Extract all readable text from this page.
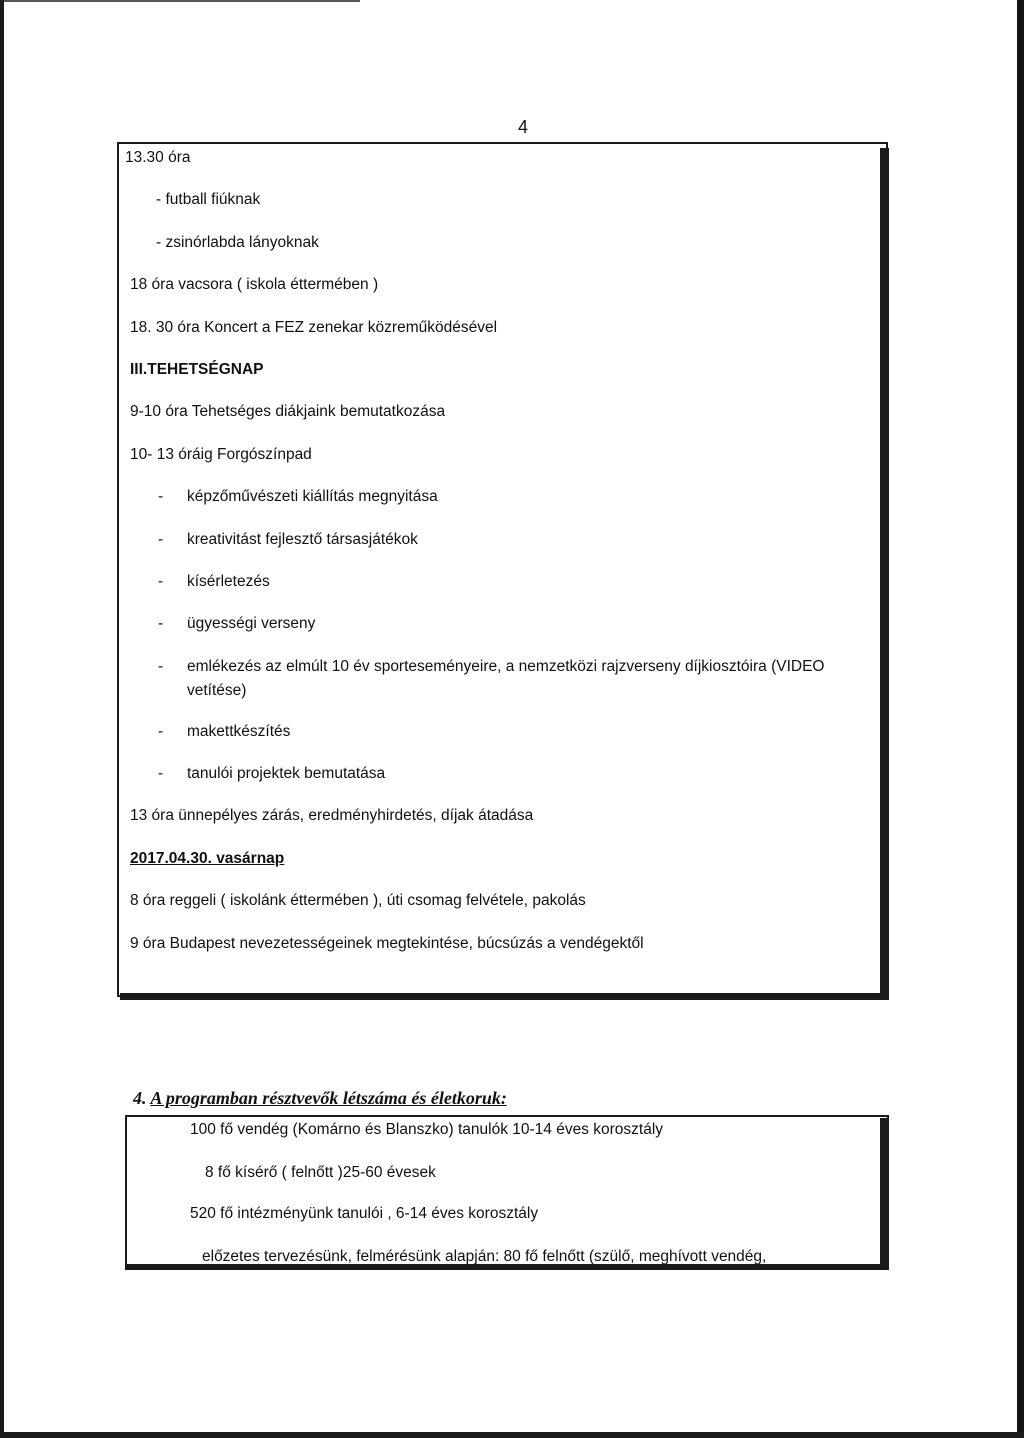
4
13.30 óra
- futball fiúknak
- zsinórlabda lányoknak
18 óra vacsora ( iskola éttermében )
18. 30 óra Koncert a FEZ zenekar közreműködésével
III.TEHETSÉGNAP
9-10 óra Tehetséges diákjaink bemutatkozása
10- 13 óráig Forgószínpad
- képzőművészeti kiállítás megnyitása
- kreativitást fejlesztő társasjátékok
- kísérletezés
- ügyességi verseny
- emlékezés az elmúlt 10 év sporteseményeire, a nemzetközi rajzverseny díjkiosztóira (VIDEO
vetítése)
- makettkészítés
- tanulói projektek bemutatása
13 óra ünnepélyes zárás, eredményhirdetés, díjak átadása
2017.04.30. vasárnap
8 óra reggeli ( iskolánk éttermében ), úti csomag felvétele, pakolás
9 óra Budapest nevezetességeinek megtekintése, búcsúzás a vendégektől
4. A programban résztvevők létszáma és életkoruk:
100 fő vendég (Komárno és Blanszko) tanulók 10-14 éves korosztály
8 fő kísérő ( felnőtt )25-60 évesek
520 fő intézményünk tanulói , 6-14 éves korosztály
előzetes tervezésünk, felmérésünk alapján: 80 fő felnőtt (szülő, meghívott vendég,
